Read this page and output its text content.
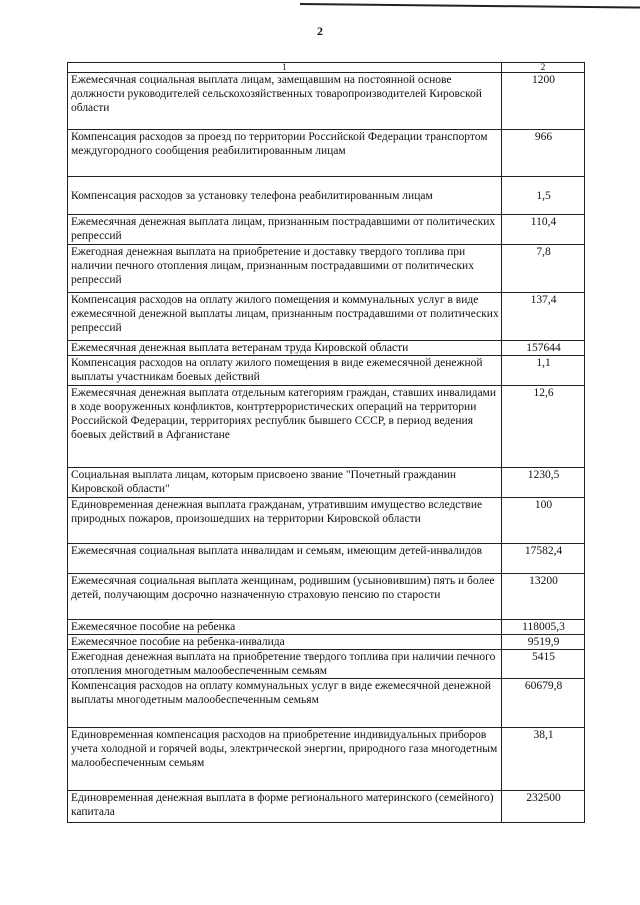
2
1	2
Ежемесячная социальная выплата лицам, замещавшим на постоянной основе должности руководителей сельскохозяйственных товаропроизводителей Кировской области	1200
Компенсация расходов за проезд по территории Российской Федерации транспортом междугородного сообщения реабилитированным лицам	966
Компенсация расходов за установку телефона реабилитированным лицам	1,5
Ежемесячная денежная выплата лицам, признанным пострадавшими от политических репрессий	110,4
Ежегодная денежная выплата на приобретение и доставку твердого топлива при наличии печного отопления лицам, признанным пострадавшими от политических репрессий	7,8
Компенсация расходов на оплату жилого помещения и коммунальных услуг в виде ежемесячной денежной выплаты лицам, признанным пострадавшими от политических репрессий	137,4
Ежемесячная денежная выплата ветеранам труда Кировской области	157644
Компенсация расходов на оплату жилого помещения в виде ежемесячной денежной выплаты участникам боевых действий	1,1
Ежемесячная денежная выплата отдельным категориям граждан, ставших инвалидами в ходе вооруженных конфликтов, контртеррористических операций на территории Российской Федерации, территориях республик бывшего СССР, в период ведения боевых действий в Афганистане	12,6
Социальная выплата лицам, которым присвоено звание "Почетный гражданин Кировской области"	1230,5
Единовременная денежная выплата гражданам, утратившим имущество вследствие природных пожаров, произошедших на территории Кировской области	100
Ежемесячная социальная выплата инвалидам и семьям, имеющим детей-инвалидов	17582,4
Ежемесячная социальная выплата женщинам, родившим (усыновившим) пять и более детей, получающим досрочно назначенную страховую пенсию по старости	13200
Ежемесячное пособие на ребенка	118005,3
Ежемесячное пособие на ребенка-инвалида	9519,9
Ежегодная денежная выплата на приобретение твердого топлива при наличии печного отопления многодетным малообеспеченным семьям	5415
Компенсация расходов на оплату коммунальных услуг в виде ежемесячной денежной выплаты многодетным малообеспеченным семьям	60679,8
Единовременная компенсация расходов на приобретение индивидуальных приборов учета холодной и горячей воды, электрической энергии, природного газа многодетным малообеспеченным семьям	38,1
Единовременная денежная выплата в форме регионального материнского (семейного) капитала	232500
